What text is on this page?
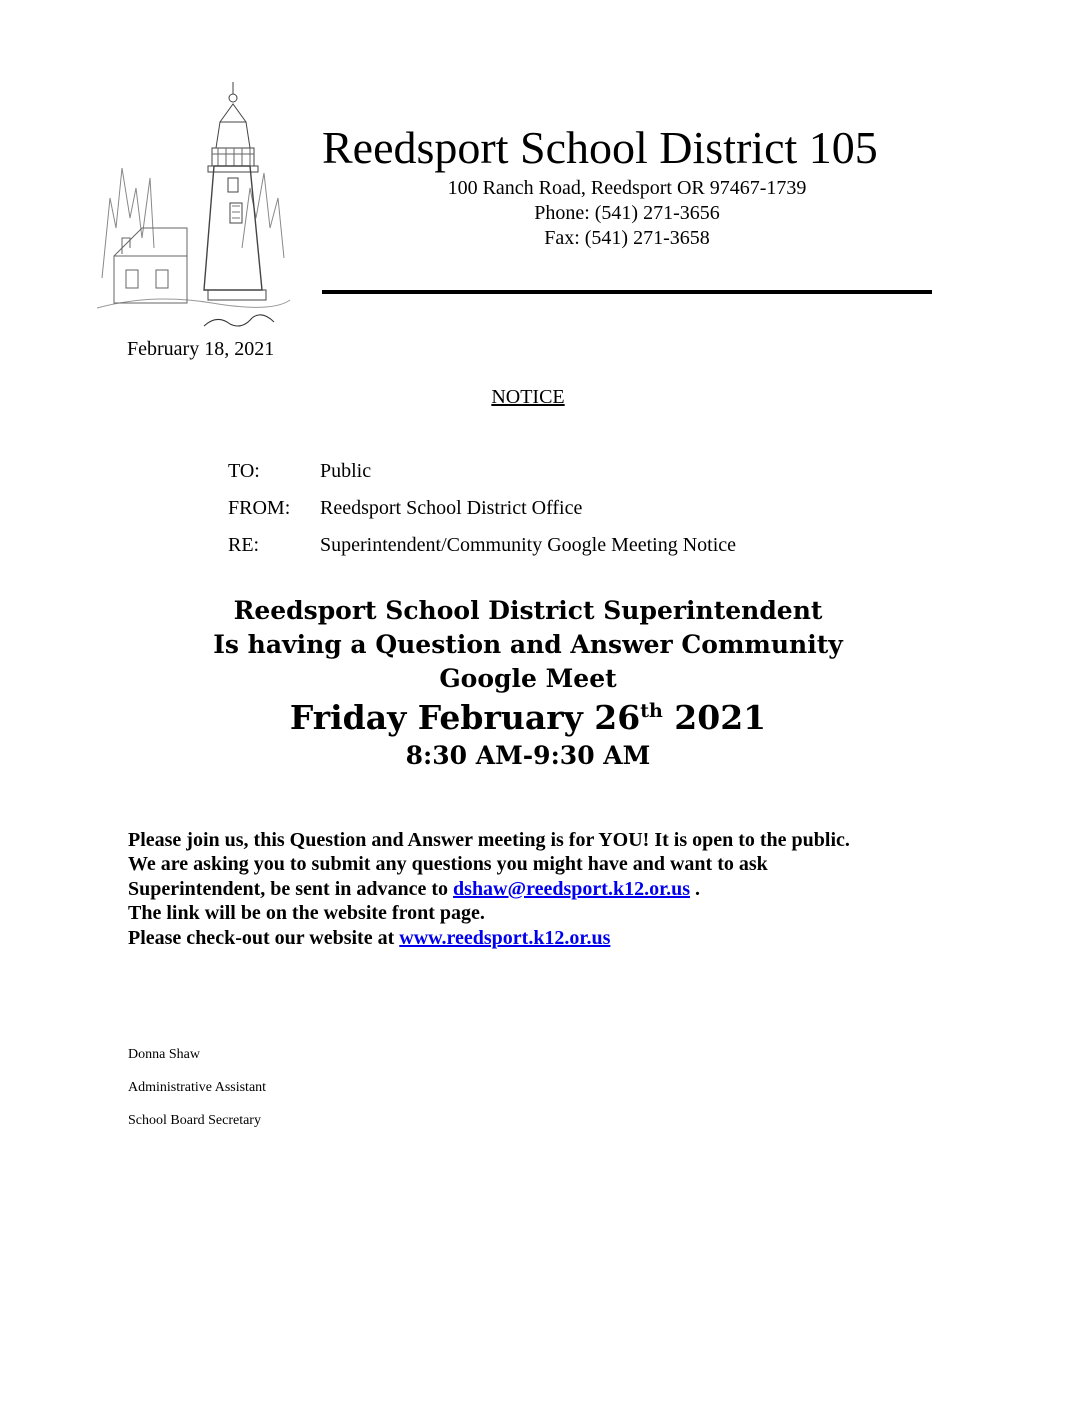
Reedsport School District 105
100 Ranch Road, Reedsport OR 97467-1739
Phone: (541) 271-3656
Fax: (541) 271-3658
February 18, 2021
NOTICE
TO:	Public
FROM: Reedsport School District Office
RE:	Superintendent/Community Google Meeting Notice
Reedsport School District Superintendent
Is having a Question and Answer Community
Google Meet
Friday February 26th 2021
8:30 AM-9:30 AM
Please join us, this Question and Answer meeting is for YOU! It is open to the public.
We are asking you to submit any questions you might have and want to ask
Superintendent, be sent in advance to dshaw@reedsport.k12.or.us .
The link will be on the website front page.
Please check-out our website at www.reedsport.k12.or.us
Donna Shaw
Administrative Assistant
School Board Secretary
